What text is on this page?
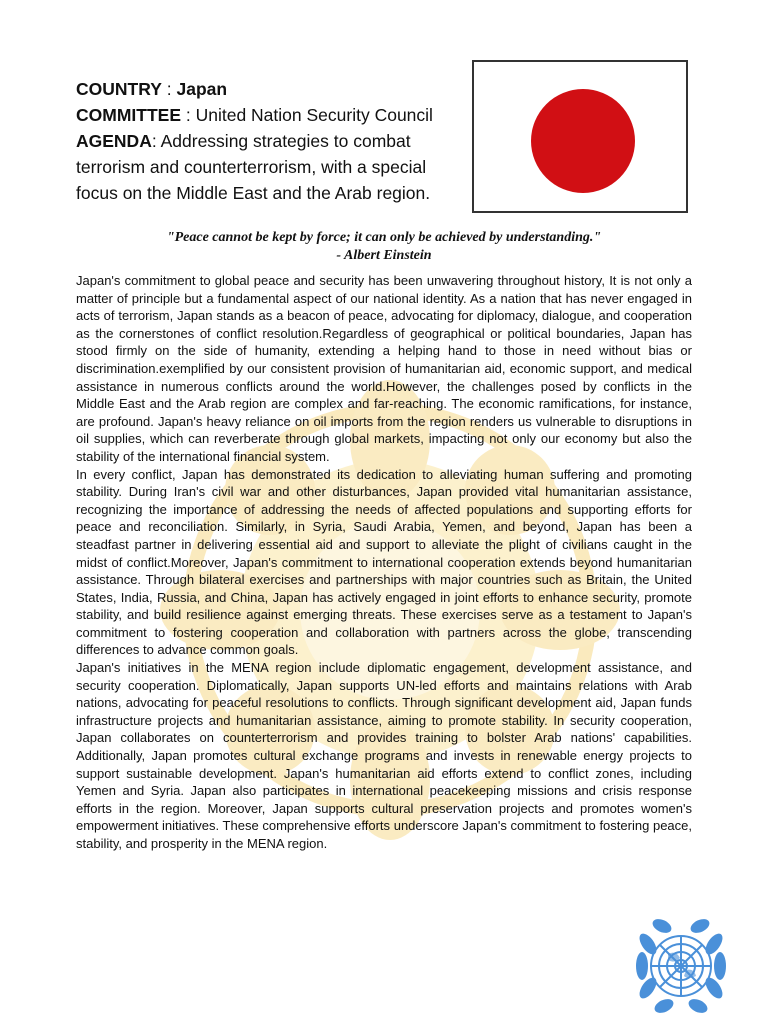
COUNTRY : Japan

COMMITTEE : United Nation Security Council

AGENDA: Addressing strategies to combat terrorism and counterterrorism, with a special focus on the Middle East and the Arab region.

"Peace cannot be kept by force; it can only be achieved by understanding."
- Albert Einstein

Japan's commitment to global peace and security has been unwavering throughout history, It is not only a matter of principle but a fundamental aspect of our national identity. As a nation that has never engaged in acts of terrorism, Japan stands as a beacon of peace, advocating for diplomacy, dialogue, and cooperation as the cornerstones of conflict resolution.Regardless of geographical or political boundaries, Japan has stood firmly on the side of humanity, extending a helping hand to those in need without bias or discrimination.exemplified by our consistent provision of humanitarian aid, economic support, and medical assistance in numerous conflicts around the world.However, the challenges posed by conflicts in the Middle East and the Arab region are complex and far-reaching. The economic ramifications, for instance, are profound. Japan's heavy reliance on oil imports from the region renders us vulnerable to disruptions in oil supplies, which can reverberate through global markets, impacting not only our economy but also the stability of the international financial system.

In every conflict, Japan has demonstrated its dedication to alleviating human suffering and promoting stability. During Iran's civil war and other disturbances, Japan provided vital humanitarian assistance, recognizing the importance of addressing the needs of affected populations and supporting efforts for peace and reconciliation. Similarly, in Syria, Saudi Arabia, Yemen, and beyond, Japan has been a steadfast partner in delivering essential aid and support to alleviate the plight of civilians caught in the midst of conflict.Moreover, Japan's commitment to international cooperation extends beyond humanitarian assistance. Through bilateral exercises and partnerships with major countries such as Britain, the United States, India, Russia, and China, Japan has actively engaged in joint efforts to enhance security, promote stability, and build resilience against emerging threats. These exercises serve as a testament to Japan's commitment to fostering cooperation and collaboration with partners across the globe, transcending differences to advance common goals.

Japan's initiatives in the MENA region include diplomatic engagement, development assistance, and security cooperation. Diplomatically, Japan supports UN-led efforts and maintains relations with Arab nations, advocating for peaceful resolutions to conflicts. Through significant development aid, Japan funds infrastructure projects and humanitarian assistance, aiming to promote stability. In security cooperation, Japan collaborates on counterterrorism and provides training to bolster Arab nations' capabilities. Additionally, Japan promotes cultural exchange programs and invests in renewable energy projects to support sustainable development. Japan's humanitarian aid efforts extend to conflict zones, including Yemen and Syria. Japan also participates in international peacekeeping missions and crisis response efforts in the region. Moreover, Japan supports cultural preservation projects and promotes women's empowerment initiatives. These comprehensive efforts underscore Japan's commitment to fostering peace, stability, and prosperity in the MENA region.
